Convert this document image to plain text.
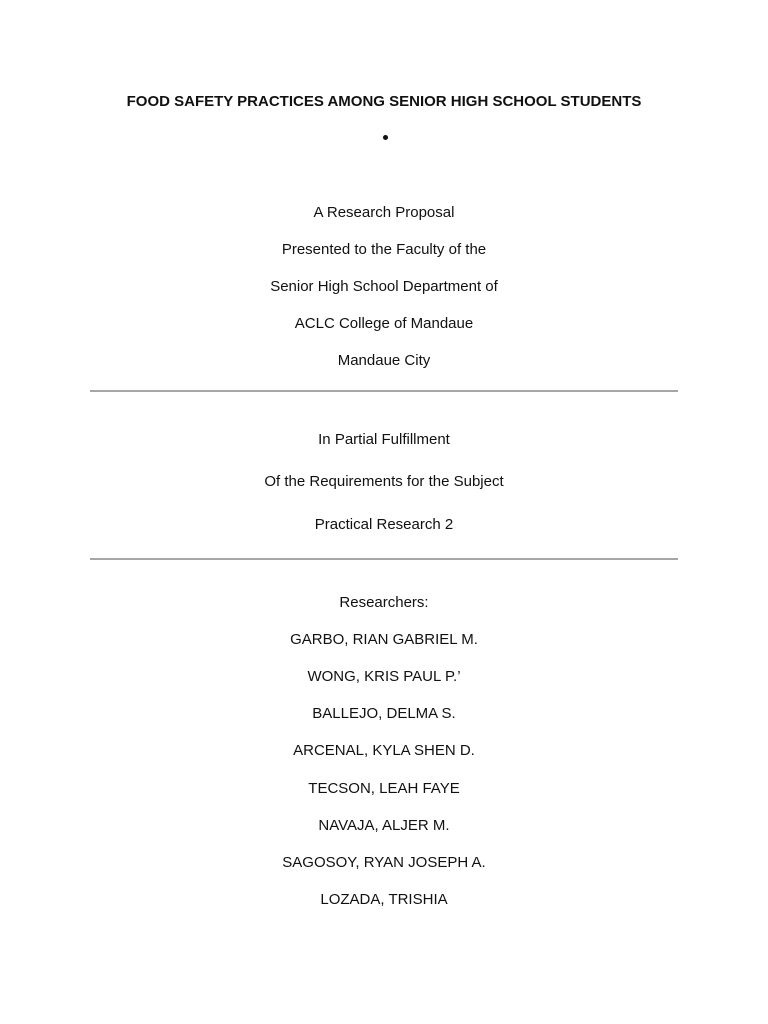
FOOD SAFETY PRACTICES AMONG SENIOR HIGH SCHOOL STUDENTS
A Research Proposal
Presented to the Faculty of the
Senior High School Department of
ACLC College of Mandaue
Mandaue City
In Partial Fulfillment
Of the Requirements for the Subject
Practical Research 2
Researchers:
GARBO, RIAN GABRIEL M.
WONG, KRIS PAUL P.’
BALLEJO, DELMA S.
ARCENAL, KYLA SHEN D.
TECSON, LEAH FAYE
NAVAJA, ALJER M.
SAGOSOY, RYAN JOSEPH A.
LOZADA, TRISHIA
